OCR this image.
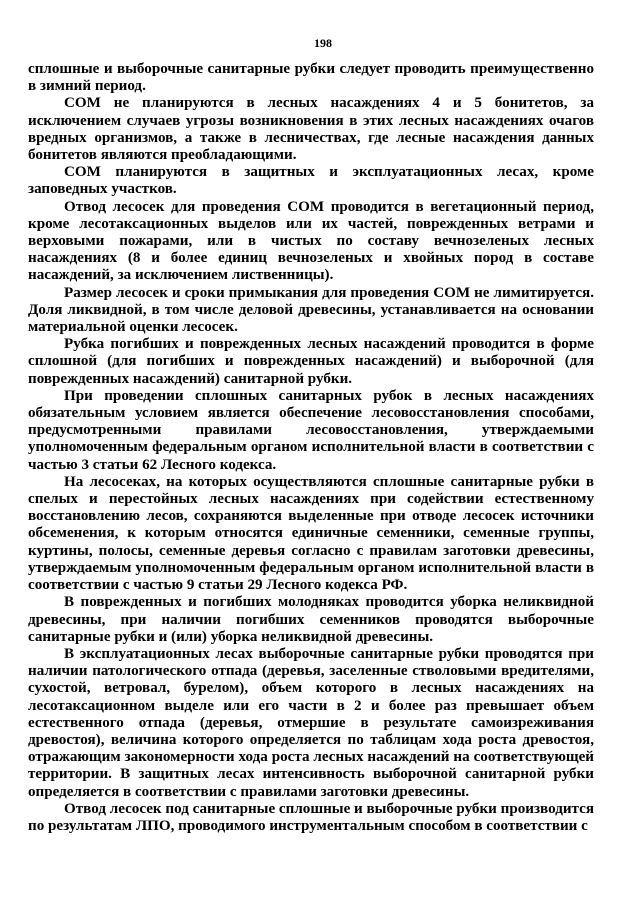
198

сплошные и выборочные санитарные рубки следует проводить преимущественно в зимний период.

СОМ не планируются в лесных насаждениях 4 и 5 бонитетов, за исключением случаев угрозы возникновения в этих лесных насаждениях очагов вредных организмов, а также в лесничествах, где лесные насаждения данных бонитетов являются преобладающими.

СОМ планируются в защитных и эксплуатационных лесах, кроме заповедных участков.

Отвод лесосек для проведения СОМ проводится в вегетационный период, кроме лесотаксационных выделов или их частей, поврежденных ветрами и верховыми пожарами, или в чистых по составу вечнозеленых лесных насаждениях (8 и более единиц вечнозеленых и хвойных пород в составе насаждений, за исключением лиственницы).

Размер лесосек и сроки примыкания для проведения СОМ не лимитируется. Доля ликвидной, в том числе деловой древесины, устанавливается на основании материальной оценки лесосек.

Рубка погибших и поврежденных лесных насаждений проводится в форме сплошной (для погибших и поврежденных насаждений) и выборочной (для поврежденных насаждений) санитарной рубки.

При проведении сплошных санитарных рубок в лесных насаждениях обязательным условием является обеспечение лесовосстановления способами, предусмотренными правилами лесовосстановления, утверждаемыми уполномоченным федеральным органом исполнительной власти в соответствии с частью 3 статьи 62 Лесного кодекса.

На лесосеках, на которых осуществляются сплошные санитарные рубки в спелых и перестойных лесных насаждениях при содействии естественному восстановлению лесов, сохраняются выделенные при отводе лесосек источники обсеменения, к которым относятся единичные семенники, семенные группы, куртины, полосы, семенные деревья согласно с правилам заготовки древесины, утверждаемым уполномоченным федеральным органом исполнительной власти в соответствии с частью 9 статьи 29 Лесного кодекса РФ.

В поврежденных и погибших молодняках проводится уборка неликвидной древесины, при наличии погибших семенников проводятся выборочные санитарные рубки и (или) уборка неликвидной древесины.

В эксплуатационных лесах выборочные санитарные рубки проводятся при наличии патологического отпада (деревья, заселенные стволовыми вредителями, сухостой, ветровал, бурелом), объем которого в лесных насаждениях на лесотаксационном выделе или его части в 2 и более раз превышает объем естественного отпада (деревья, отмершие в результате самоизреживания древостоя), величина которого определяется по таблицам хода роста древостоя, отражающим закономерности хода роста лесных насаждений на соответствующей территории. В защитных лесах интенсивность выборочной санитарной рубки определяется в соответствии с правилами заготовки древесины.

Отвод лесосек под санитарные сплошные и выборочные рубки производится по результатам ЛПО, проводимого инструментальным способом в соответствии с
